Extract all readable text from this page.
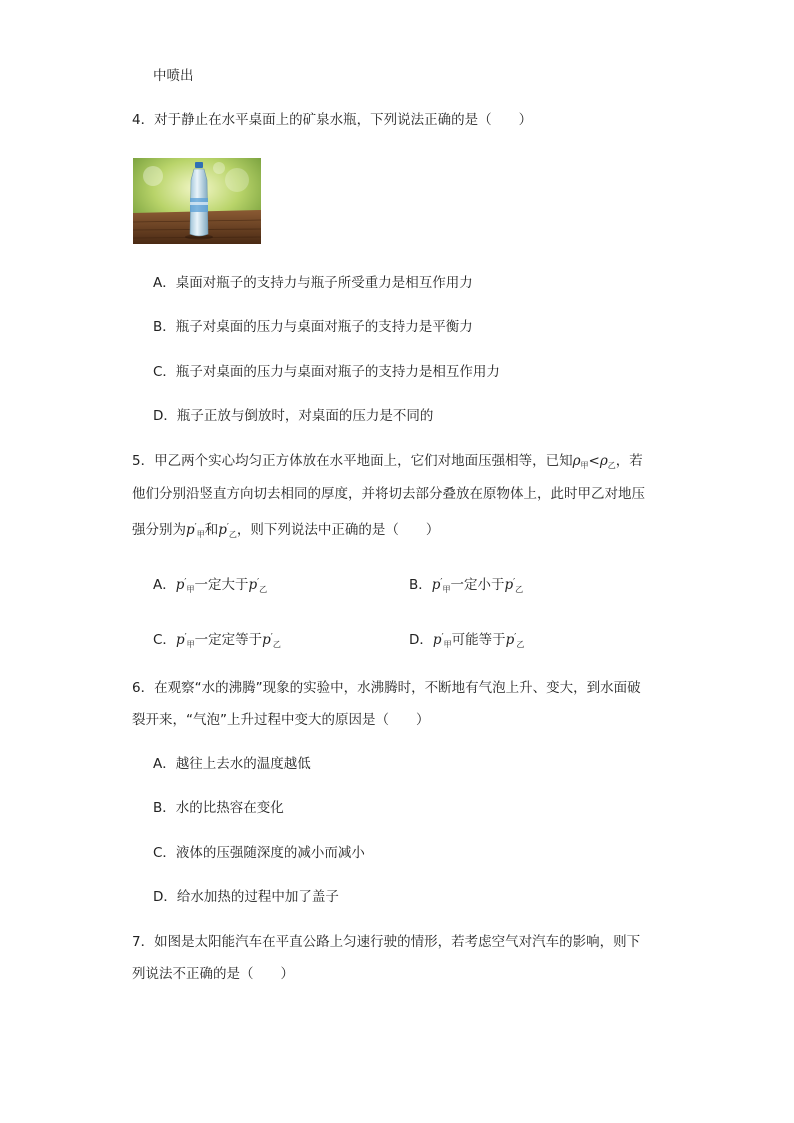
中喷出
4．对于静止在水平桌面上的矿泉水瓶，下列说法正确的是（　　）
A．桌面对瓶子的支持力与瓶子所受重力是相互作用力
B．瓶子对桌面的压力与桌面对瓶子的支持力是平衡力
C．瓶子对桌面的压力与桌面对瓶子的支持力是相互作用力
D．瓶子正放与倒放时，对桌面的压力是不同的
5．甲乙两个实心均匀正方体放在水平地面上，它们对地面压强相等，已知$\rho_甲<\rho_乙$，若
他们分别沿竖直方向切去相同的厚度，并将切去部分叠放在原物体上，此时甲乙对地压
强分别为$p'_甲$和$p'_乙$，则下列说法中正确的是（　　）
A．$p'_甲$一定大于$p'_乙$	B．$p'_甲$一定小于$p'_乙$
C．$p'_甲$一定定等于$p'_乙$	D．$p'_甲$可能等于$p'_乙$
6．在观察“水的沸腾”现象的实验中，水沸腾时，不断地有气泡上升、变大，到水面破
裂开来，“气泡”上升过程中变大的原因是（　　）
A．越往上去水的温度越低
B．水的比热容在变化
C．液体的压强随深度的减小而减小
D．给水加热的过程中加了盖子
7．如图是太阳能汽车在平直公路上匀速行驶的情形，若考虑空气对汽车的影响，则下
列说法不正确的是（　　）
